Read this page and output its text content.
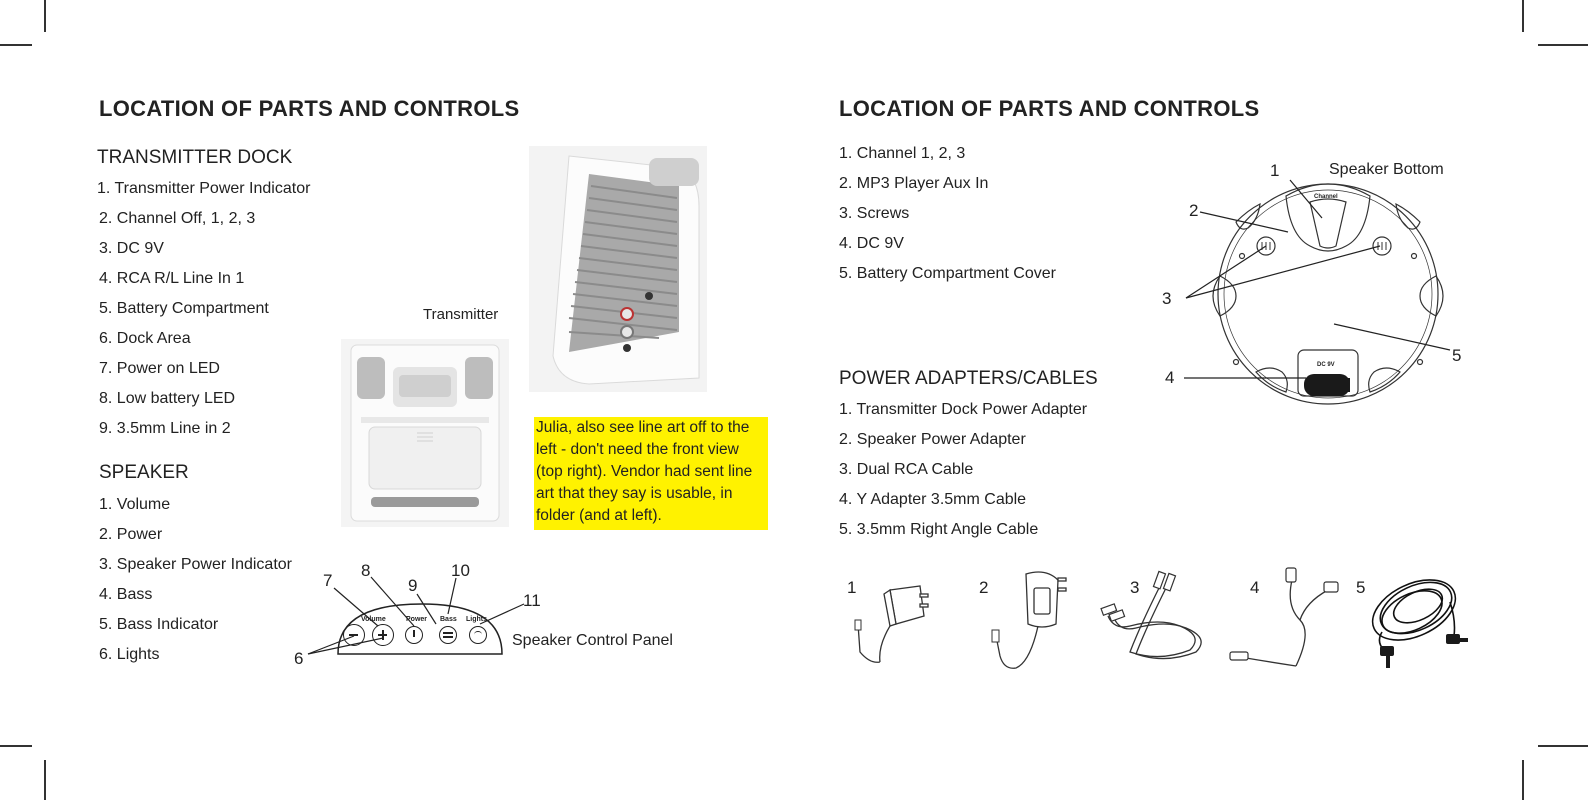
LOCATION OF PARTS AND CONTROLS
TRANSMITTER DOCK
1. Transmitter Power Indicator
2. Channel Off, 1, 2, 3
3. DC 9V
4. RCA R/L Line In 1
5. Battery Compartment
6. Dock Area
7. Power on LED
8. Low battery LED
9. 3.5mm Line in 2
SPEAKER
1. Volume
2. Power
3. Speaker Power Indicator
4. Bass
5. Bass Indicator
6. Lights
Transmitter
Julia, also see line art off to the left - don't need the front view (top right). Vendor had sent line art that they say is usable, in folder (and at left).
Volume	Power Bass Lights
6
7
8
9
10
11
Speaker Control Panel
LOCATION OF PARTS AND CONTROLS
1. Channel 1, 2, 3
2. MP3 Player Aux In
3. Screws
4. DC 9V
5. Battery Compartment Cover
POWER ADAPTERS/CABLES
1. Transmitter Dock Power Adapter
2. Speaker Power Adapter
3. Dual RCA Cable
4. Y Adapter 3.5mm Cable
5. 3.5mm Right Angle Cable
Channel
DC 9V
1
2
3
4
5
Speaker Bottom
1	2	3	4	5
